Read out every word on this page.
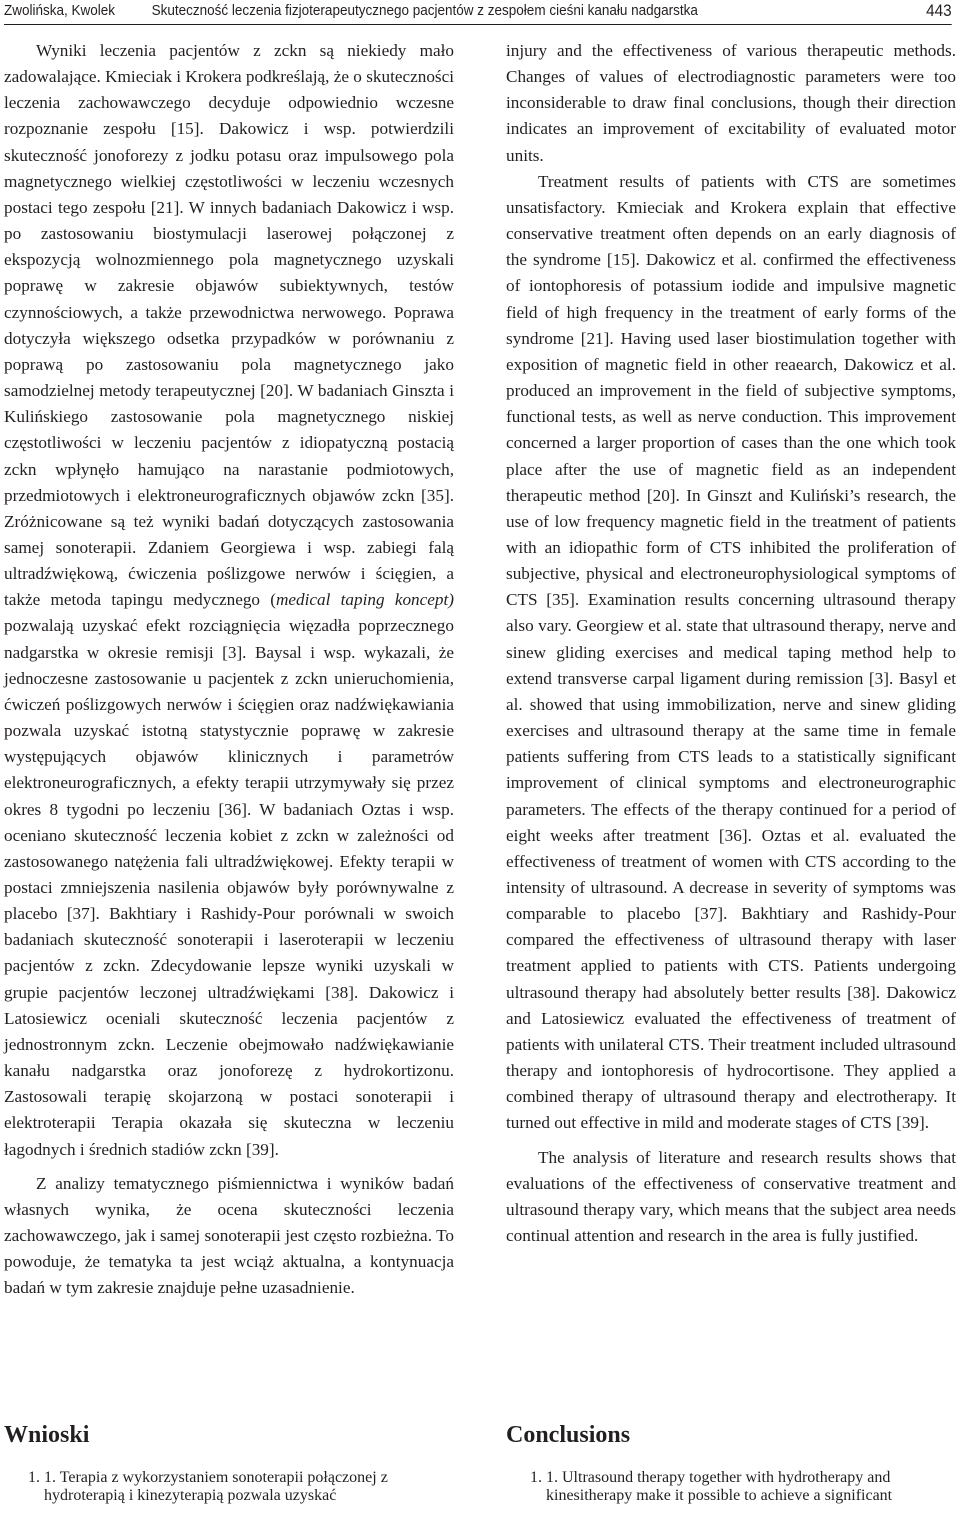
Zwolińska, Kwolek Skuteczność leczenia fizjoterapeutycznego pacjentów z zespołem cieśni kanału nadgarstka	443

Wyniki leczenia pacjentów z zckn są niekiedy mało zadowalające. Kmieciak i Krokera podkreślają, że o skuteczności leczenia zachowawczego decyduje odpowiednio wczesne rozpoznanie zespołu [15]. Dakowicz i wsp. potwierdzili skuteczność jonoforezy z jodku potasu oraz impulsowego pola magnetycznego wielkiej częstotliwości w leczeniu wczesnych postaci tego zespołu [21]. W innych badaniach Dakowicz i wsp. po zastosowaniu biostymulacji laserowej połączonej z ekspozycją wolnozmiennego pola magnetycznego uzyskali poprawę w zakresie objawów subiektywnych, testów czynnościowych, a także przewodnictwa nerwowego. Poprawa dotyczyła większego odsetka przypadków w porównaniu z poprawą po zastosowaniu pola magnetycznego jako samodzielnej metody terapeutycznej [20]. W badaniach Ginszta i Kulińskiego zastosowanie pola magnetycznego niskiej częstotliwości w leczeniu pacjentów z idiopatyczną postacią zckn wpłynęło hamująco na narastanie podmiotowych, przedmiotowych i elektroneurograficznych objawów zckn [35]. Zróżnicowane są też wyniki badań dotyczących zastosowania samej sonoterapii. Zdaniem Georgiewa i wsp. zabiegi falą ultradźwiękową, ćwiczenia poślizgowe nerwów i ścięgien, a także metoda tapingu medycznego (medical taping koncept) pozwalają uzyskać efekt rozciągnięcia więzadła poprzecznego nadgarstka w okresie remisji [3]. Baysal i wsp. wykazali, że jednoczesne zastosowanie u pacjentek z zckn unieruchomienia, ćwiczeń poślizgowych nerwów i ścięgien oraz nadźwiękawiania pozwala uzyskać istotną statystycznie poprawę w zakresie występujących objawów klinicznych i parametrów elektroneurograficznych, a efekty terapii utrzymywały się przez okres 8 tygodni po leczeniu [36]. W badaniach Oztas i wsp. oceniano skuteczność leczenia kobiet z zckn w zależności od zastosowanego natężenia fali ultradźwiękowej. Efekty terapii w postaci zmniejszenia nasilenia objawów były porównywalne z placebo [37]. Bakhtiary i Rashidy-Pour porównali w swoich badaniach skuteczność sonoterapii i laseroterapii w leczeniu pacjentów z zckn. Zdecydowanie lepsze wyniki uzyskali w grupie pacjentów leczonej ultradźwiękami [38]. Dakowicz i Latosiewicz oceniali skuteczność leczenia pacjentów z jednostronnym zckn. Leczenie obejmowało nadźwiękawianie kanału nadgarstka oraz jonoforezę z hydrokortizonu. Zastosowali terapię skojarzoną w postaci sonoterapii i elektroterapii Terapia okazała się skuteczna w leczeniu łagodnych i średnich stadiów zckn [39].

Z analizy tematycznego piśmiennictwa i wyników badań własnych wynika, że ocena skuteczności leczenia zachowawczego, jak i samej sonoterapii jest często rozbieżna. To powoduje, że tematyka ta jest wciąż aktualna, a kontynuacja badań w tym zakresie znajduje pełne uzasadnienie.

Wnioski
1. 1. Terapia z wykorzystaniem sonoterapii połączonej z hydroterapią i kinezyterapią pozwala uzyskać

injury and the effectiveness of various therapeutic methods. Changes of values of electrodiagnostic parameters were too inconsiderable to draw final conclusions, though their direction indicates an improvement of excitability of evaluated motor units.

Treatment results of patients with CTS are sometimes unsatisfactory. Kmieciak and Krokera explain that effective conservative treatment often depends on an early diagnosis of the syndrome [15]. Dakowicz et al. confirmed the effectiveness of iontophoresis of potassium iodide and impulsive magnetic field of high frequency in the treatment of early forms of the syndrome [21]. Having used laser biostimulation together with exposition of magnetic field in other reaearch, Dakowicz et al. produced an improvement in the field of subjective symptoms, functional tests, as well as nerve conduction. This improvement concerned a larger proportion of cases than the one which took place after the use of magnetic field as an independent therapeutic method [20]. In Ginszt and Kuliński’s research, the use of low frequency magnetic field in the treatment of patients with an idiopathic form of CTS inhibited the proliferation of subjective, physical and electroneurophysiological symptoms of CTS [35]. Examination results concerning ultrasound therapy also vary. Georgiew et al. state that ultrasound therapy, nerve and sinew gliding exercises and medical taping method help to extend transverse carpal ligament during remission [3]. Basyl et al. showed that using immobilization, nerve and sinew gliding exercises and ultrasound therapy at the same time in female patients suffering from CTS leads to a statistically significant improvement of clinical symptoms and electroneurographic parameters. The effects of the therapy continued for a period of eight weeks after treatment [36]. Oztas et al. evaluated the effectiveness of treatment of women with CTS according to the intensity of ultrasound. A decrease in severity of symptoms was comparable to placebo [37]. Bakhtiary and Rashidy-Pour compared the effectiveness of ultrasound therapy with laser treatment applied to patients with CTS. Patients undergoing ultrasound therapy had absolutely better results [38]. Dakowicz and Latosiewicz evaluated the effectiveness of treatment of patients with unilateral CTS. Their treatment included ultrasound therapy and iontophoresis of hydrocortisone. They applied a combined therapy of ultrasound therapy and electrotherapy. It turned out effective in mild and moderate stages of CTS [39].

The analysis of literature and research results shows that evaluations of the effectiveness of conservative treatment and ultrasound therapy vary, which means that the subject area needs continual attention and research in the area is fully justified.

Conclusions
1. 1. Ultrasound therapy together with hydrotherapy and kinesitherapy make it possible to achieve a significant
